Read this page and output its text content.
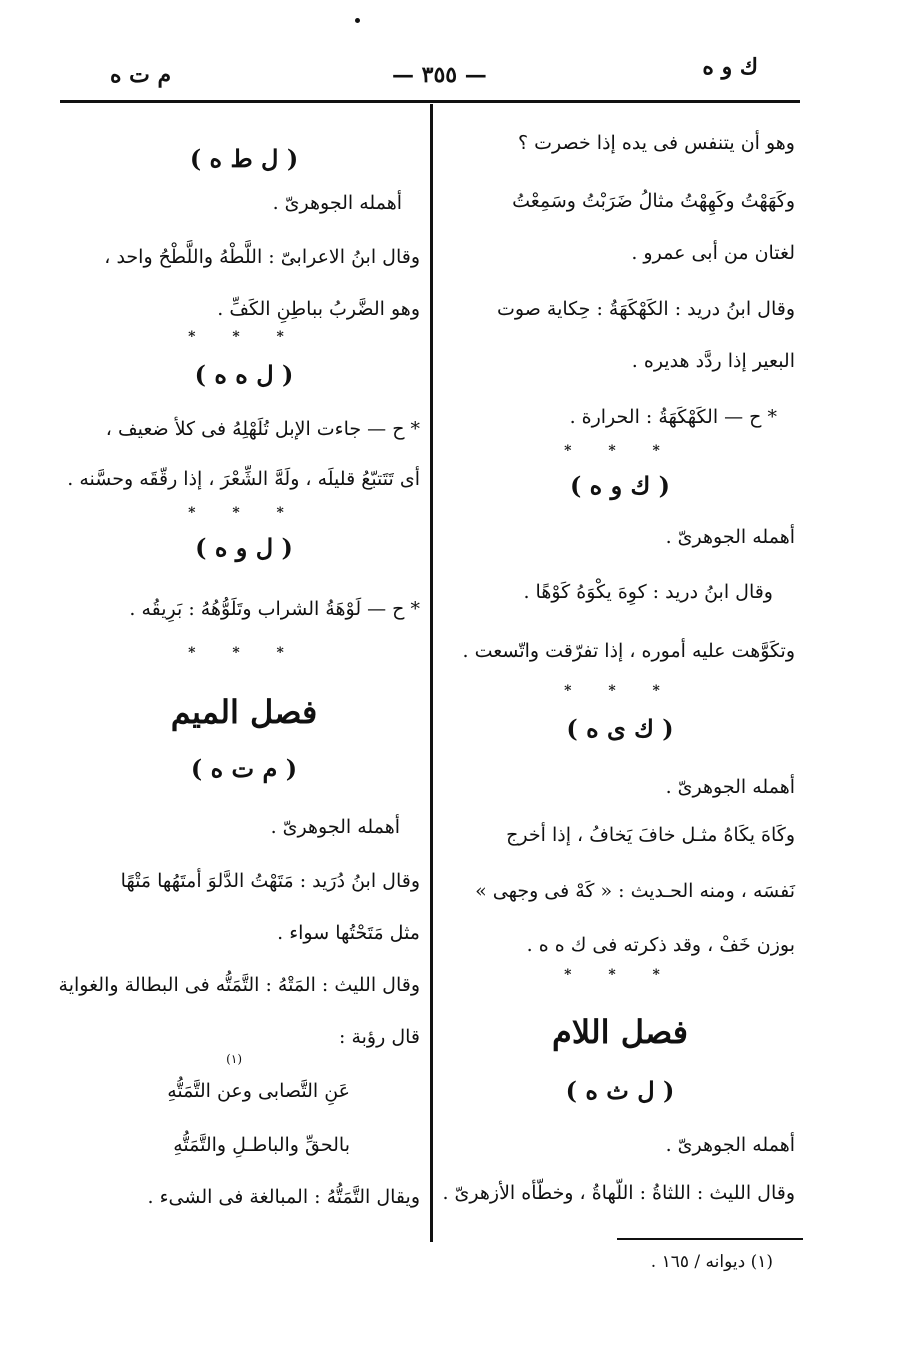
ك و ه
— ٣٥٥ —
م ت ه
وهو أن يتنفس فى يده إذا خصرت ؟
وكَهَهْتُ وكَهِهْتُ مثالُ ضَرَبْتُ وسَمِعْتُ
لغتان من أبى عمرو .
وقال ابنُ دريد : الكَهْكَهَةُ : حِكاية صوت
البعير إذا ردَّد هديره .
* ح — الكَهْكَهَةُ : الحرارة .
* * *
( ك و ه )
أهمله الجوهرىّ .
وقال ابنُ دريد : كوِهَ يكْوَهُ كَوْهًا .
وتكَوَّهت عليه أموره ، إذا تفرّقت واتّسعت .
* * *
( ك ى ه )
أهمله الجوهرىّ .
وكَاهَ يكَاهُ مثـل خافَ يَخافُ ، إذا أخرج
نَفسَه ، ومنه الحـديث : « كَهْ فى وجهى »
بوزن خَفْ ، وقد ذكرته فى ك ه ه .
* * *
فصل اللام
( ل ث ه )
أهمله الجوهرىّ .
وقال الليث : اللثاةُ : اللّهاةُ ، وخطّأه الأزهرىّ .
( ل ط ه )
أهمله الجوهرىّ .
وقال ابنُ الاعرابىّ : اللَّطْهُ واللَّطْحُ واحد ،
وهو الضَّربُ بباطِنِ الكَفِّ .
* * *
( ل ه ه )
* ح — جاءت الإبل تُلَهْلِهُ فى كلأ ضعيف ،
أى تَتَتبّعُ قليلَه ، ولَهَّ الشِّعْرَ ، إذا رقّقَه وحسَّنه .
* * *
( ل و ه )
* ح — لَوْهَةُ الشراب وتَلَوُّهُهُ : بَرِيقُه .
* * *
فصل الميم
( م ت ه )
أهمله الجوهرىّ .
وقال ابنُ دُرَيد : مَتَهْتُ الدَّلوَ أمتَهُها مَتْهًا
مثل مَتَحْتُها سواء .
وقال الليث : المَتْهُ : التَّمَتُّه فى البطالة والغواية
قال رؤبة :
(١)
عَنِ التَّصابى وعن التَّمَتُّهِ
بالحقِّ والباطـلِ والتَّمَتُّهِ
ويقال التَّمَتُّهُ : المبالغة فى الشىء .
(١) ديوانه / ١٦٥ .
